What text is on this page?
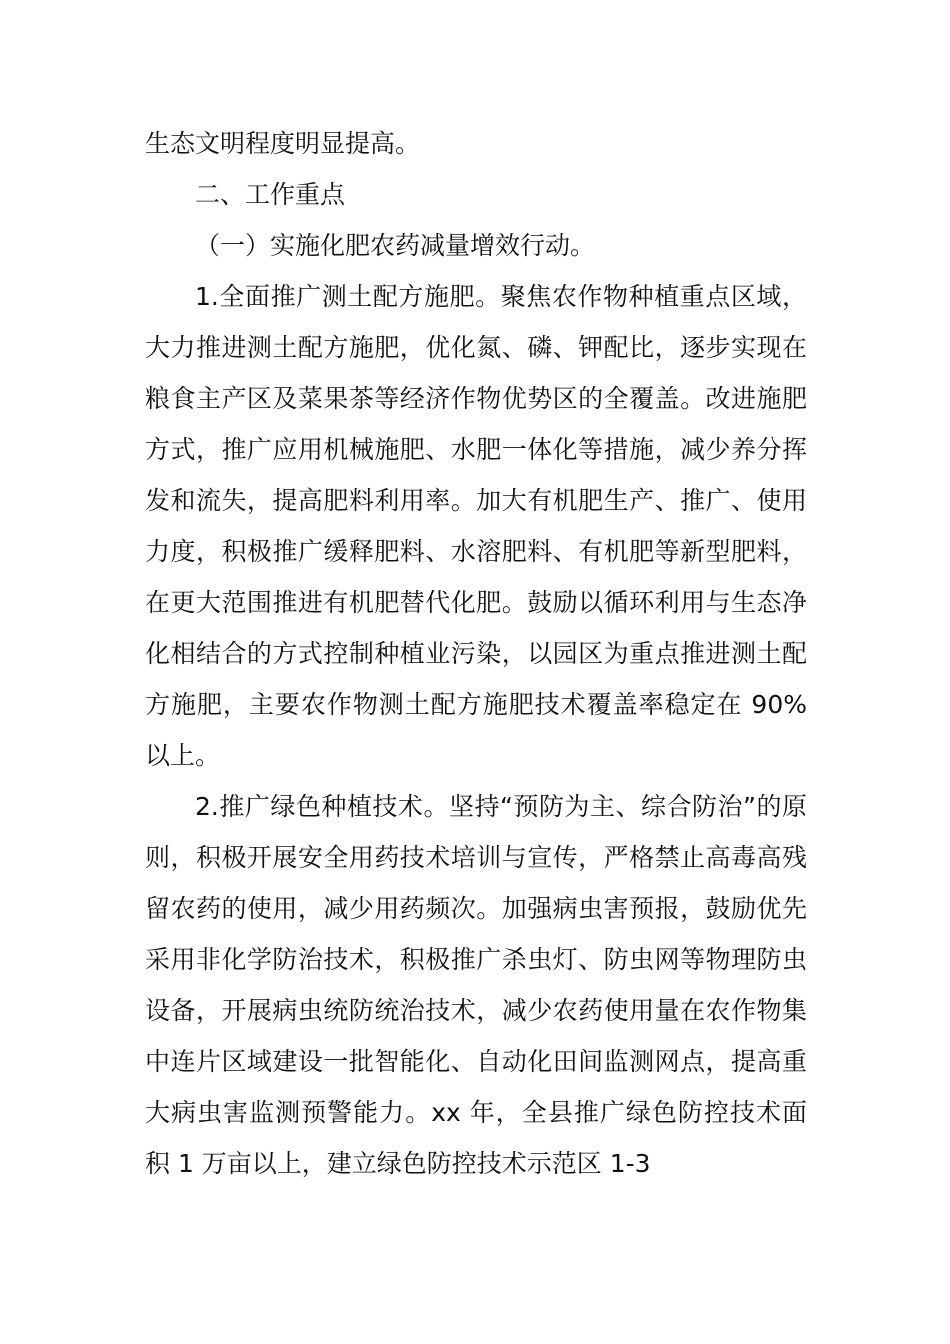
生态文明程度明显提高。

二、工作重点

（一）实施化肥农药减量增效行动。

1.全面推广测土配方施肥。聚焦农作物种植重点区域，大力推进测土配方施肥，优化氮、磷、钾配比，逐步实现在粮食主产区及菜果茶等经济作物优势区的全覆盖。改进施肥方式，推广应用机械施肥、水肥一体化等措施，减少养分挥发和流失，提高肥料利用率。加大有机肥生产、推广、使用力度，积极推广缓释肥料、水溶肥料、有机肥等新型肥料，在更大范围推进有机肥替代化肥。鼓励以循环利用与生态净化相结合的方式控制种植业污染，以园区为重点推进测土配方施肥，主要农作物测土配方施肥技术覆盖率稳定在 90%以上。

2.推广绿色种植技术。坚持“预防为主、综合防治”的原则，积极开展安全用药技术培训与宣传，严格禁止高毒高残留农药的使用，减少用药频次。加强病虫害预报，鼓励优先采用非化学防治技术，积极推广杀虫灯、防虫网等物理防虫设备，开展病虫统防统治技术，减少农药使用量在农作物集中连片区域建设一批智能化、自动化田间监测网点，提高重大病虫害监测预警能力。xx 年，全县推广绿色防控技术面积 1 万亩以上，建立绿色防控技术示范区 1-3
